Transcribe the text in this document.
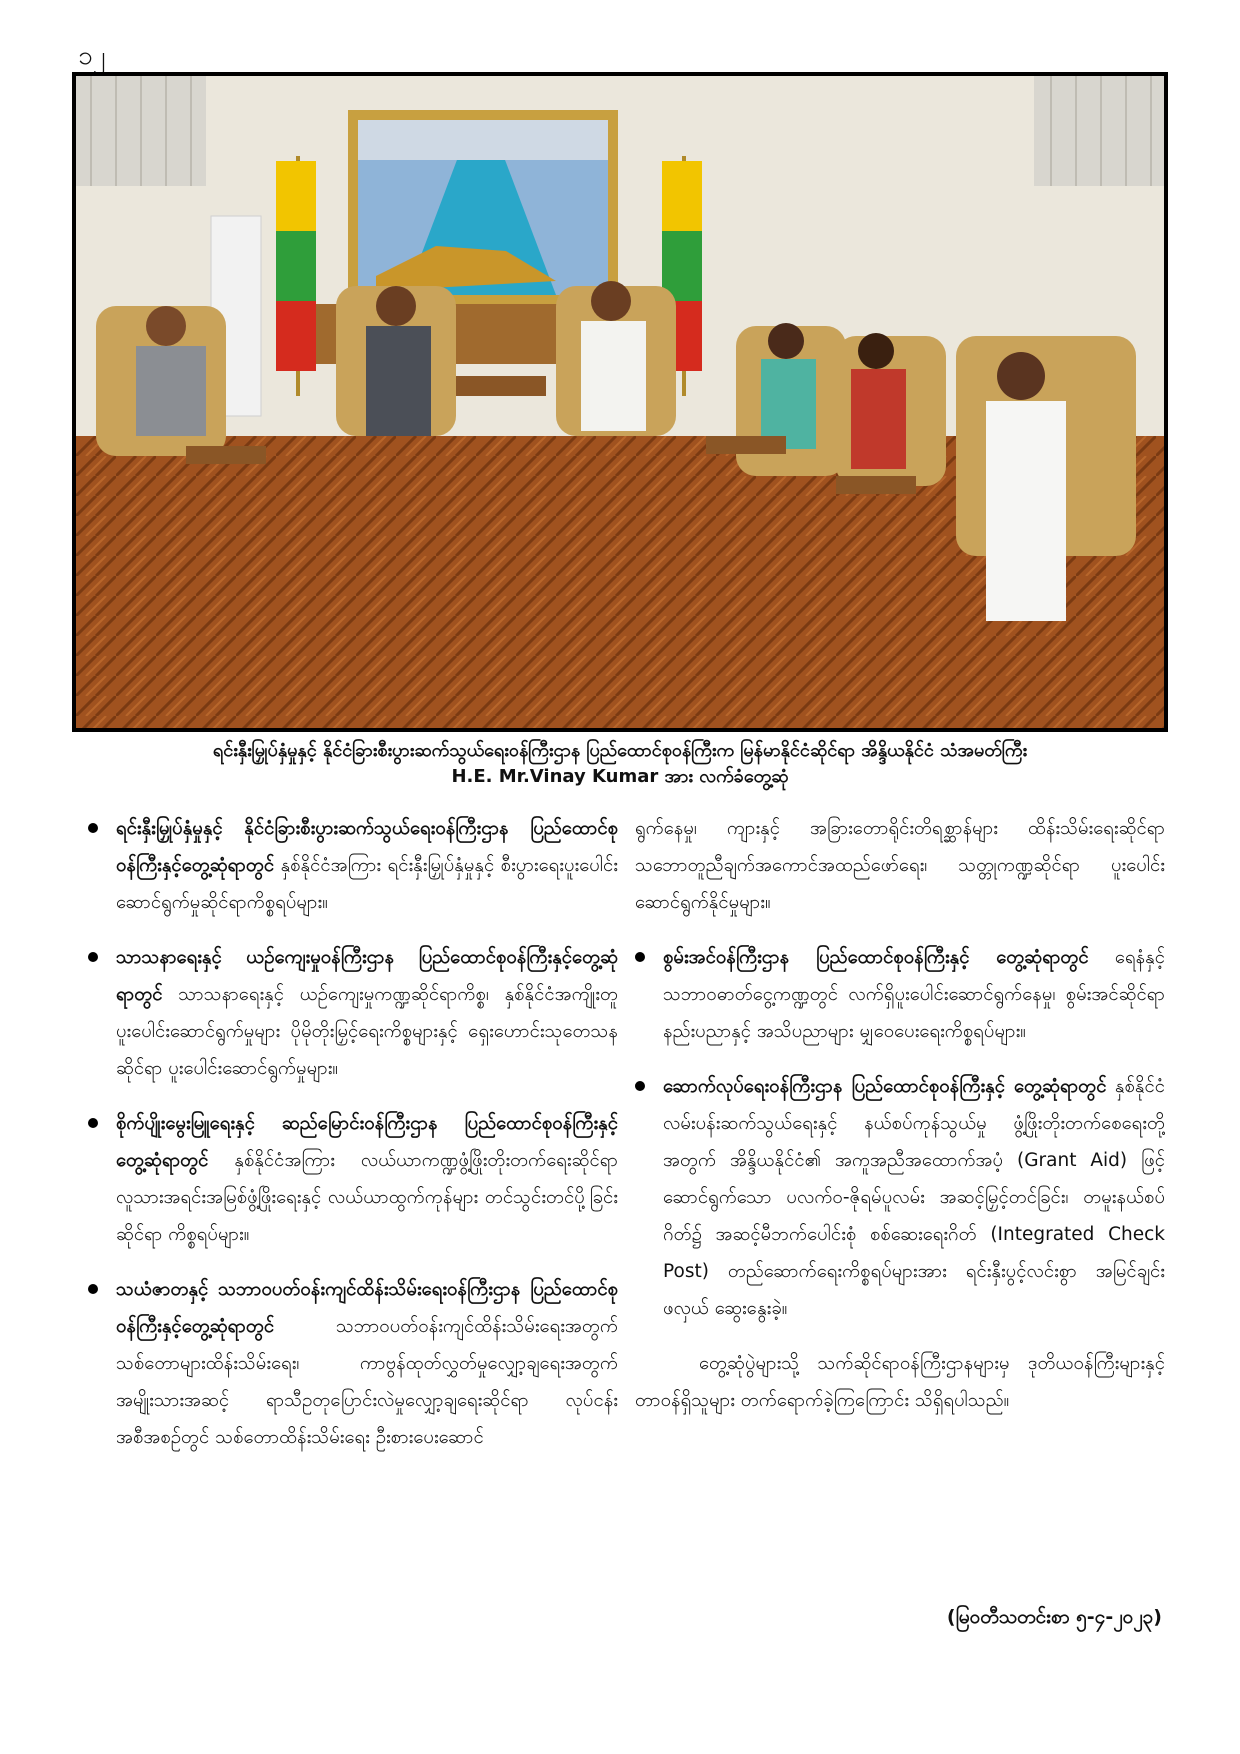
၁၂
ရင်းနှီးမြှုပ်နှံမှုနှင့် နိုင်ငံခြားစီးပွားဆက်သွယ်ရေးဝန်ကြီးဌာန ပြည်ထောင်စုဝန်ကြီးက မြန်မာနိုင်ငံဆိုင်ရာ အိန္ဒိယနိုင်ငံ သံအမတ်ကြီး
H.E. Mr.Vinay Kumar အား လက်ခံတွေ့ဆုံ
ရင်းနှီးမြှုပ်နှံမှုနှင့် နိုင်ငံခြားစီးပွားဆက်သွယ်ရေးဝန်ကြီးဌာန ပြည်ထောင်စုဝန်ကြီးနှင့်တွေ့ဆုံရာတွင် နှစ်နိုင်ငံအကြား ရင်းနှီးမြှုပ်နှံမှုနှင့် စီးပွားရေးပူးပေါင်းဆောင်ရွက်မှုဆိုင်ရာကိစ္စရပ်များ။
သာသနာရေးနှင့် ယဉ်ကျေးမှုဝန်ကြီးဌာန ပြည်ထောင်စုဝန်ကြီးနှင့်တွေ့ဆုံရာတွင် သာသနာရေးနှင့် ယဉ်ကျေးမှုကဏ္ဍဆိုင်ရာကိစ္စ၊ နှစ်နိုင်ငံအကျိုးတူပူးပေါင်းဆောင်ရွက်မှုများ ပိုမိုတိုးမြှင့်ရေးကိစ္စများနှင့် ရှေးဟောင်းသုတေသနဆိုင်ရာ ပူးပေါင်းဆောင်ရွက်မှုများ။
စိုက်ပျိုးမွေးမြူရေးနှင့် ဆည်မြောင်းဝန်ကြီးဌာန ပြည်ထောင်စုဝန်ကြီးနှင့်တွေ့ဆုံရာတွင် နှစ်နိုင်ငံအကြား လယ်ယာကဏ္ဍဖွံ့ဖြိုးတိုးတက်ရေးဆိုင်ရာ လူသားအရင်းအမြစ်ဖွံ့ဖြိုးရေးနှင့် လယ်ယာထွက်ကုန်များ တင်သွင်းတင်ပို့ခြင်းဆိုင်ရာ ကိစ္စရပ်များ။
သယံဇာတနှင့် သဘာဝပတ်ဝန်းကျင်ထိန်းသိမ်းရေးဝန်ကြီးဌာန ပြည်ထောင်စုဝန်ကြီးနှင့်တွေ့ဆုံရာတွင် သဘာဝပတ်ဝန်းကျင်ထိန်းသိမ်းရေးအတွက် သစ်တောများထိန်းသိမ်းရေး၊ ကာဗွန်ထုတ်လွှတ်မှုလျှော့ချရေးအတွက် အမျိုးသားအဆင့် ရာသီဥတုပြောင်းလဲမှုလျှော့ချရေးဆိုင်ရာ လုပ်ငန်းအစီအစဉ်တွင် သစ်တောထိန်းသိမ်းရေး ဦးစားပေးဆောင်
ရွက်နေမှု၊ ကျားနှင့် အခြားတောရိုင်းတိရစ္ဆာန်များ ထိန်းသိမ်းရေးဆိုင်ရာ သဘောတူညီချက်အကောင်အထည်ဖော်ရေး၊ သတ္တုကဏ္ဍဆိုင်ရာ ပူးပေါင်းဆောင်ရွက်နိုင်မှုများ။
စွမ်းအင်ဝန်ကြီးဌာန ပြည်ထောင်စုဝန်ကြီးနှင့် တွေ့ဆုံရာတွင် ရေနံနှင့် သဘာဝဓာတ်ငွေ့ကဏ္ဍတွင် လက်ရှိပူးပေါင်းဆောင်ရွက်နေမှု၊ စွမ်းအင်ဆိုင်ရာ နည်းပညာနှင့် အသိပညာများ မျှဝေပေးရေးကိစ္စရပ်များ။
ဆောက်လုပ်ရေးဝန်ကြီးဌာန ပြည်ထောင်စုဝန်ကြီးနှင့် တွေ့ဆုံရာတွင် နှစ်နိုင်ငံလမ်းပန်းဆက်သွယ်ရေးနှင့် နယ်စပ်ကုန်သွယ်မှု ဖွံ့ဖြိုးတိုးတက်စေရေးတို့အတွက် အိန္ဒိယနိုင်ငံ၏ အကူအညီအထောက်အပံ့ (Grant Aid) ဖြင့် ဆောင်ရွက်သော ပလက်ဝ-ဇိုရမ်ပူလမ်း အဆင့်မြှင့်တင်ခြင်း၊ တမူးနယ်စပ်ဂိတ်၌ အဆင့်မီဘက်ပေါင်းစုံ စစ်ဆေးရေးဂိတ် (Integrated Check Post) တည်ဆောက်ရေးကိစ္စရပ်များအား ရင်းနှီးပွင့်လင်းစွာ အမြင်ချင်းဖလှယ် ဆွေးနွေးခဲ့။
တွေ့ဆုံပွဲများသို့ သက်ဆိုင်ရာဝန်ကြီးဌာနများမှ ဒုတိယဝန်ကြီးများနှင့် တာဝန်ရှိသူများ တက်ရောက်ခဲ့ကြကြောင်း သိရှိရပါသည်။
(မြဝတီသတင်းစာ ၅-၄-၂၀၂၃)
